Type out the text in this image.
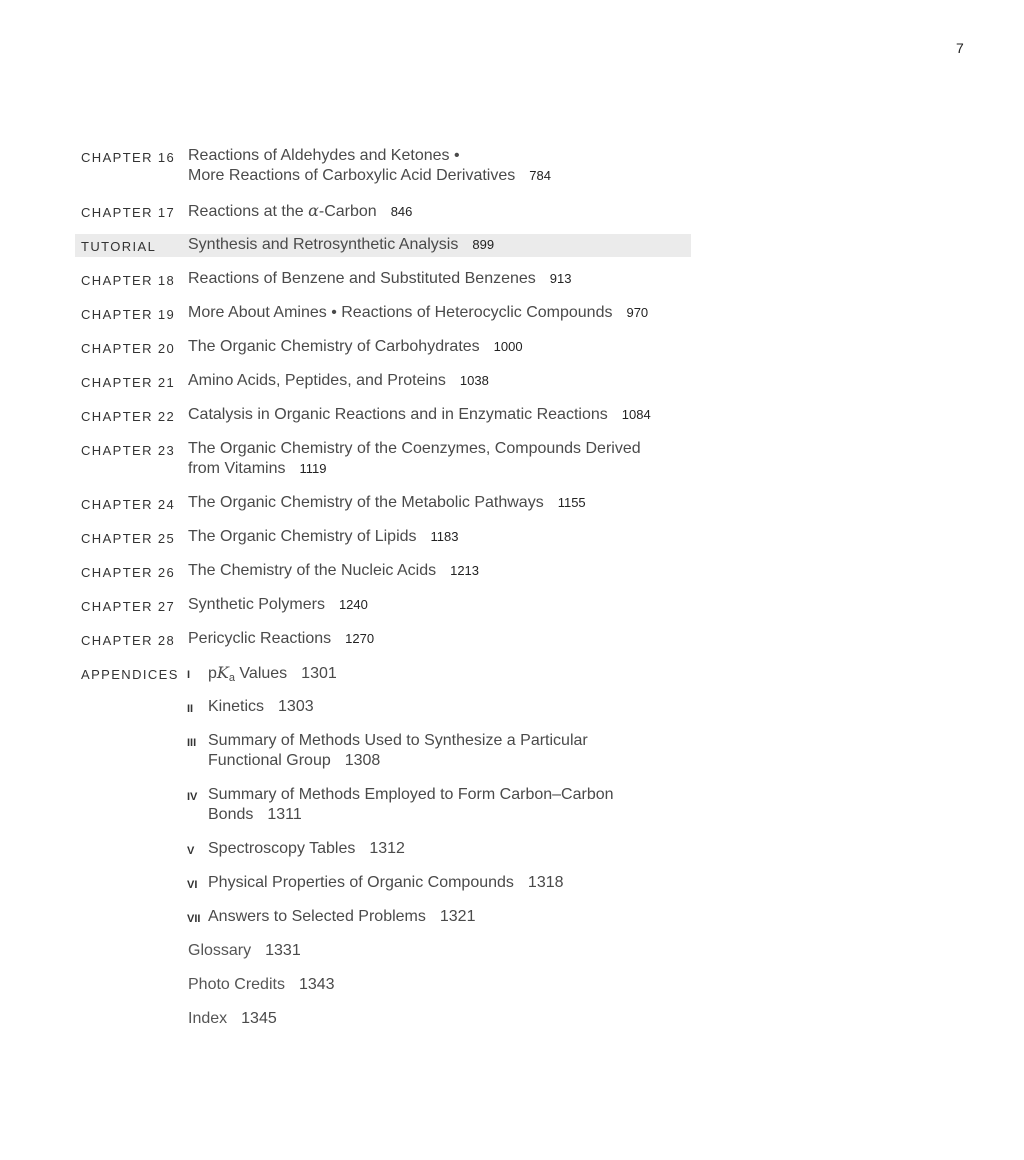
7
CHAPTER 16 Reactions of Aldehydes and Ketones •
More Reactions of Carboxylic Acid Derivatives 784
CHAPTER 17 Reactions at the α-Carbon 846
TUTORIAL Synthesis and Retrosynthetic Analysis 899
CHAPTER 18 Reactions of Benzene and Substituted Benzenes 913
CHAPTER 19 More About Amines • Reactions of Heterocyclic Compounds 970
CHAPTER 20 The Organic Chemistry of Carbohydrates 1000
CHAPTER 21 Amino Acids, Peptides, and Proteins 1038
CHAPTER 22 Catalysis in Organic Reactions and in Enzymatic Reactions 1084
CHAPTER 23 The Organic Chemistry of the Coenzymes, Compounds Derived
from Vitamins 1119
CHAPTER 24 The Organic Chemistry of the Metabolic Pathways 1155
CHAPTER 25 The Organic Chemistry of Lipids 1183
CHAPTER 26 The Chemistry of the Nucleic Acids 1213
CHAPTER 27 Synthetic Polymers 1240
CHAPTER 28 Pericyclic Reactions 1270
APPENDICES I $pK_a$ Values 1301
II Kinetics 1303
III Summary of Methods Used to Synthesize a Particular
Functional Group 1308
IV Summary of Methods Employed to Form Carbon–Carbon
Bonds 1311
V Spectroscopy Tables 1312
VI Physical Properties of Organic Compounds 1318
VII Answers to Selected Problems 1321
Glossary 1331
Photo Credits 1343
Index 1345
